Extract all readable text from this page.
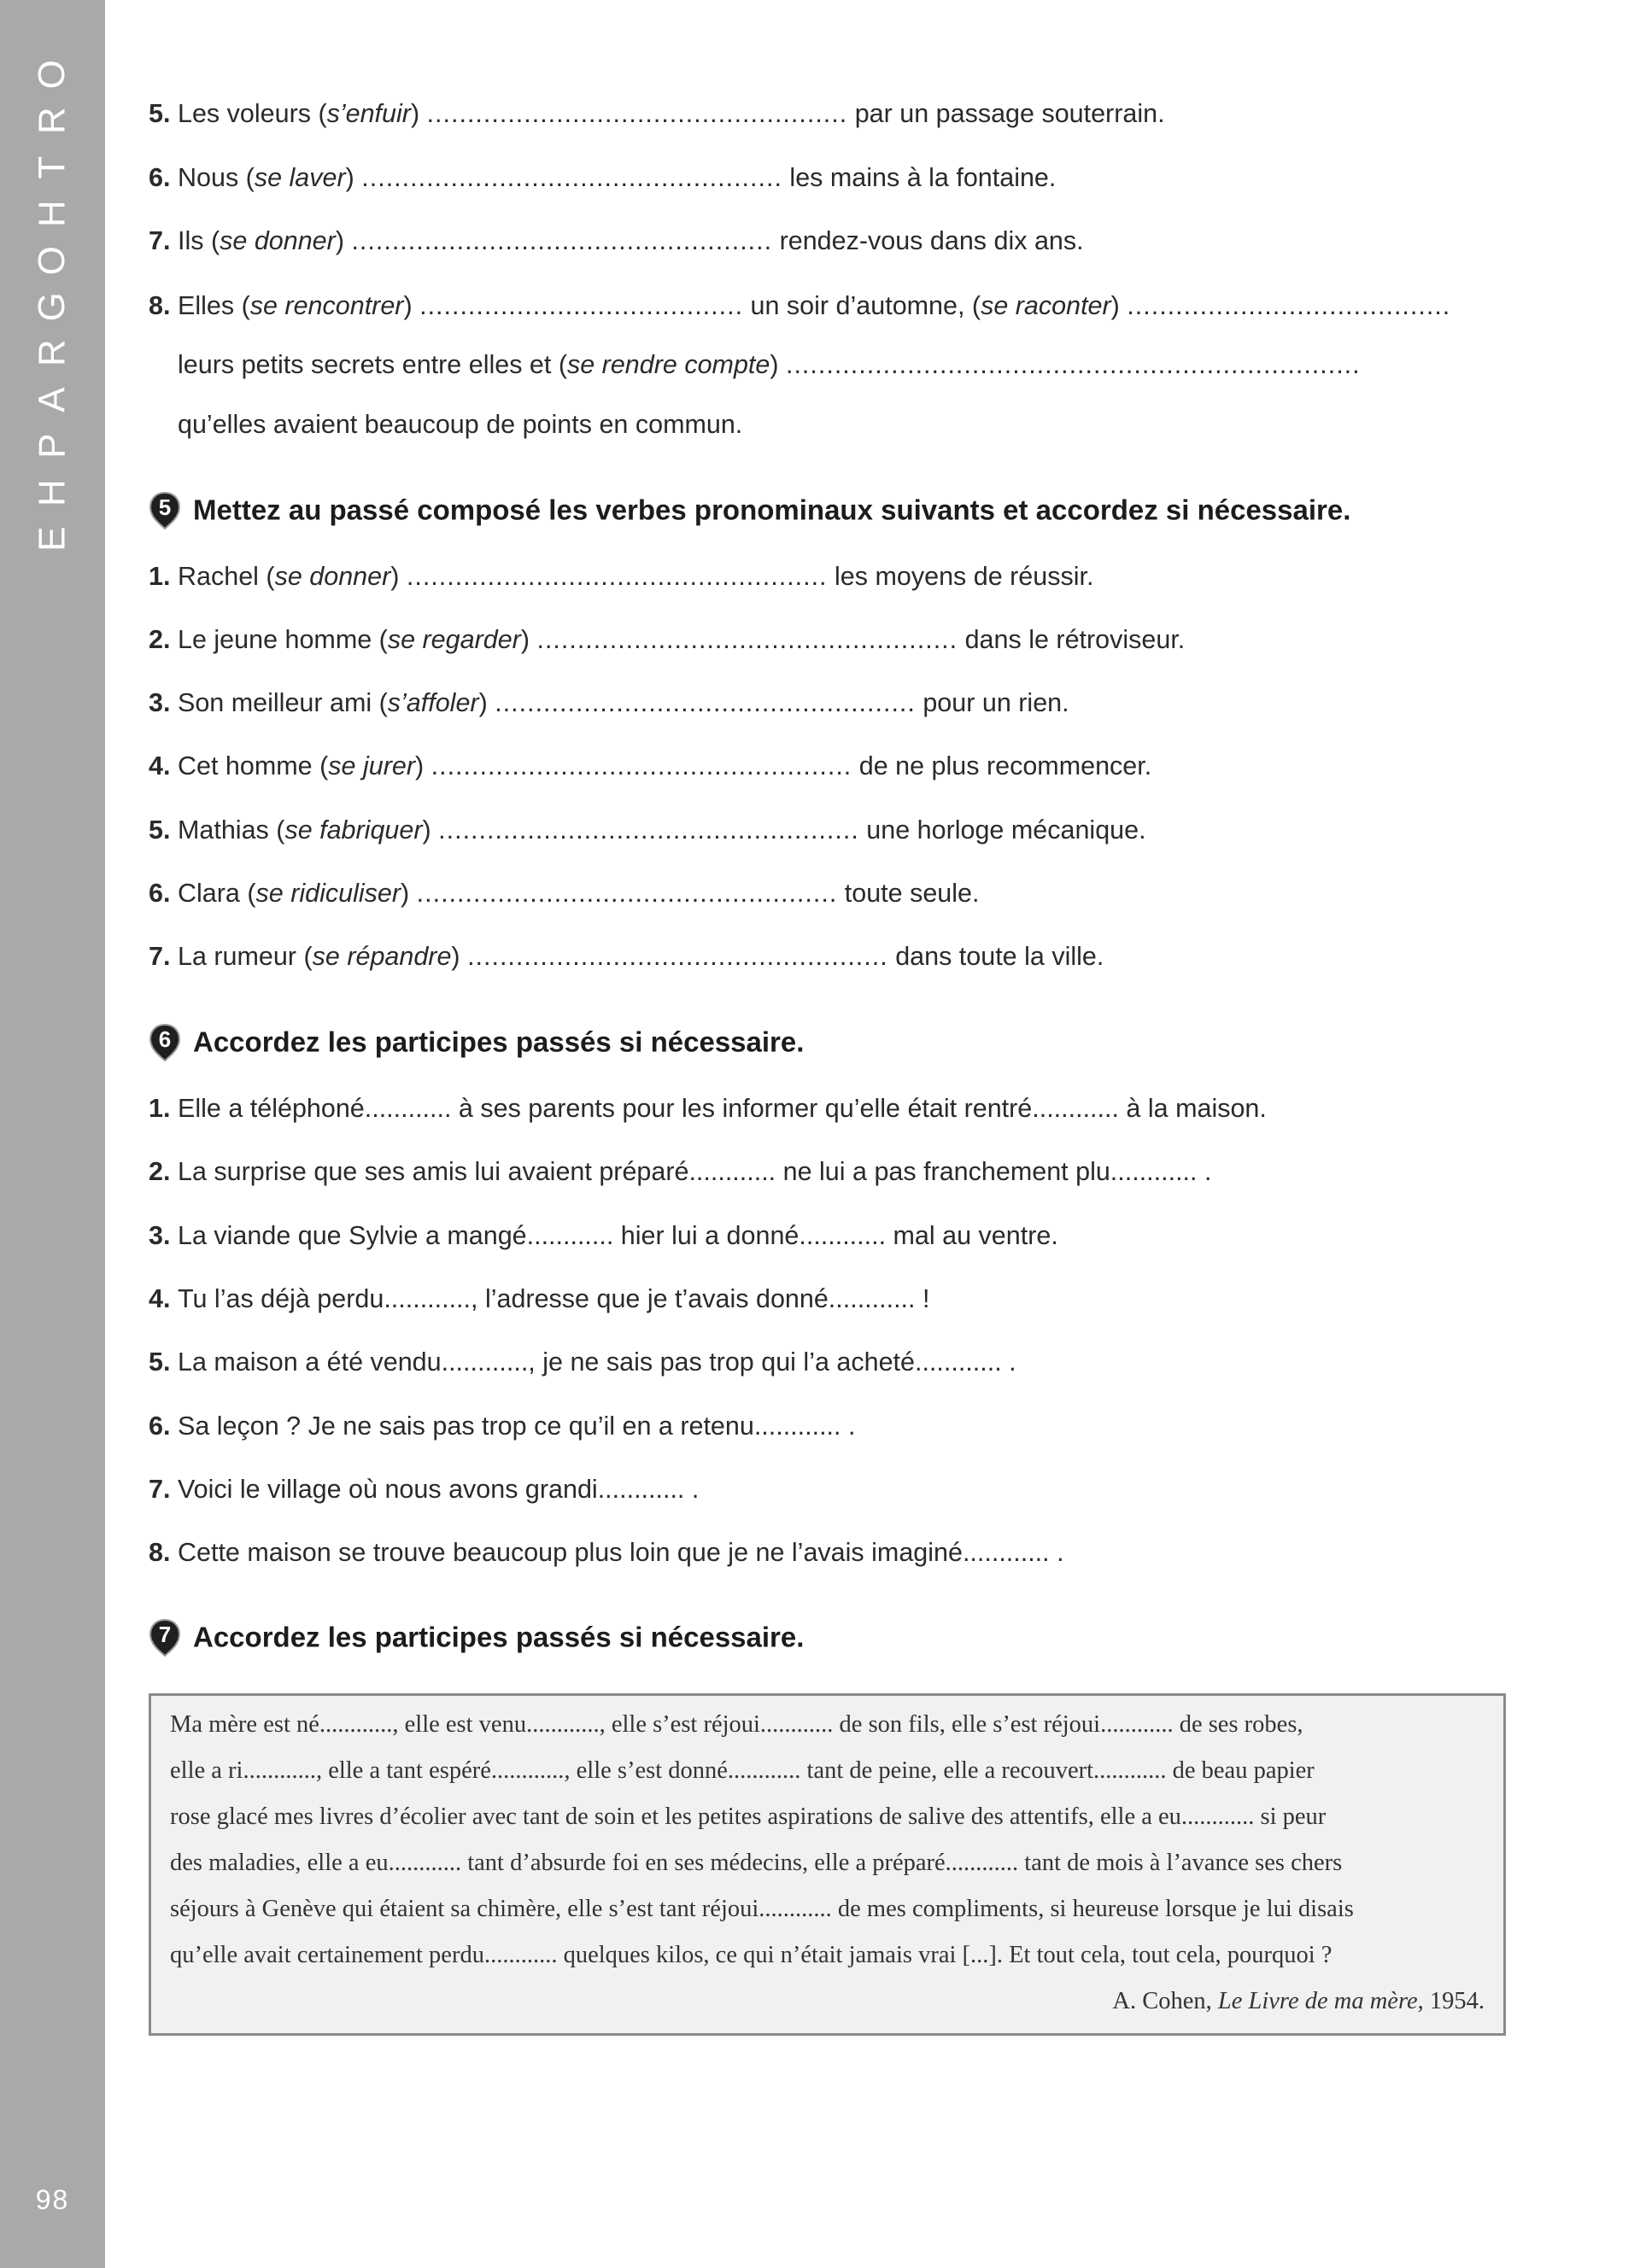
O
R
T
H
O
G
R
A
P
H
E
98
5. Les voleurs (s’enfuir) .................................................... par un passage souterrain.
6. Nous (se laver) .................................................... les mains à la fontaine.
7. Ils (se donner) .................................................... rendez-vous dans dix ans.
8. Elles (se rencontrer) ........................................ un soir d’automne, (se raconter) ........................................
leurs petits secrets entre elles et (se rendre compte) .......................................................................
qu’elles avaient beaucoup de points en commun.
5 Mettez au passé composé les verbes pronominaux suivants et accordez si nécessaire.
1. Rachel (se donner) .................................................... les moyens de réussir.
2. Le jeune homme (se regarder) .................................................... dans le rétroviseur.
3. Son meilleur ami (s’affoler) .................................................... pour un rien.
4. Cet homme (se jurer) .................................................... de ne plus recommencer.
5. Mathias (se fabriquer) .................................................... une horloge mécanique.
6. Clara (se ridiculiser) .................................................... toute seule.
7. La rumeur (se répandre) .................................................... dans toute la ville.
6 Accordez les participes passés si nécessaire.
1. Elle a téléphoné............ à ses parents pour les informer qu’elle était rentré............ à la maison.
2. La surprise que ses amis lui avaient préparé............ ne lui a pas franchement plu............ .
3. La viande que Sylvie a mangé............ hier lui a donné............ mal au ventre.
4. Tu l’as déjà perdu............, l’adresse que je t’avais donné............ !
5. La maison a été vendu............, je ne sais pas trop qui l’a acheté............ .
6. Sa leçon ? Je ne sais pas trop ce qu’il en a retenu............ .
7. Voici le village où nous avons grandi............ .
8. Cette maison se trouve beaucoup plus loin que je ne l’avais imaginé............ .
7 Accordez les participes passés si nécessaire.
Ma mère est né............, elle est venu............, elle s’est réjoui............ de son fils, elle s’est réjoui............ de ses robes,
elle a ri............, elle a tant espéré............, elle s’est donné............ tant de peine, elle a recouvert............ de beau papier
rose glacé mes livres d’écolier avec tant de soin et les petites aspirations de salive des attentifs, elle a eu............ si peur
des maladies, elle a eu............ tant d’absurde foi en ses médecins, elle a préparé............ tant de mois à l’avance ses chers
séjours à Genève qui étaient sa chimère, elle s’est tant réjoui............ de mes compliments, si heureuse lorsque je lui disais
qu’elle avait certainement perdu............ quelques kilos, ce qui n’était jamais vrai [...]. Et tout cela, tout cela, pourquoi ?
A. Cohen, Le Livre de ma mère, 1954.
